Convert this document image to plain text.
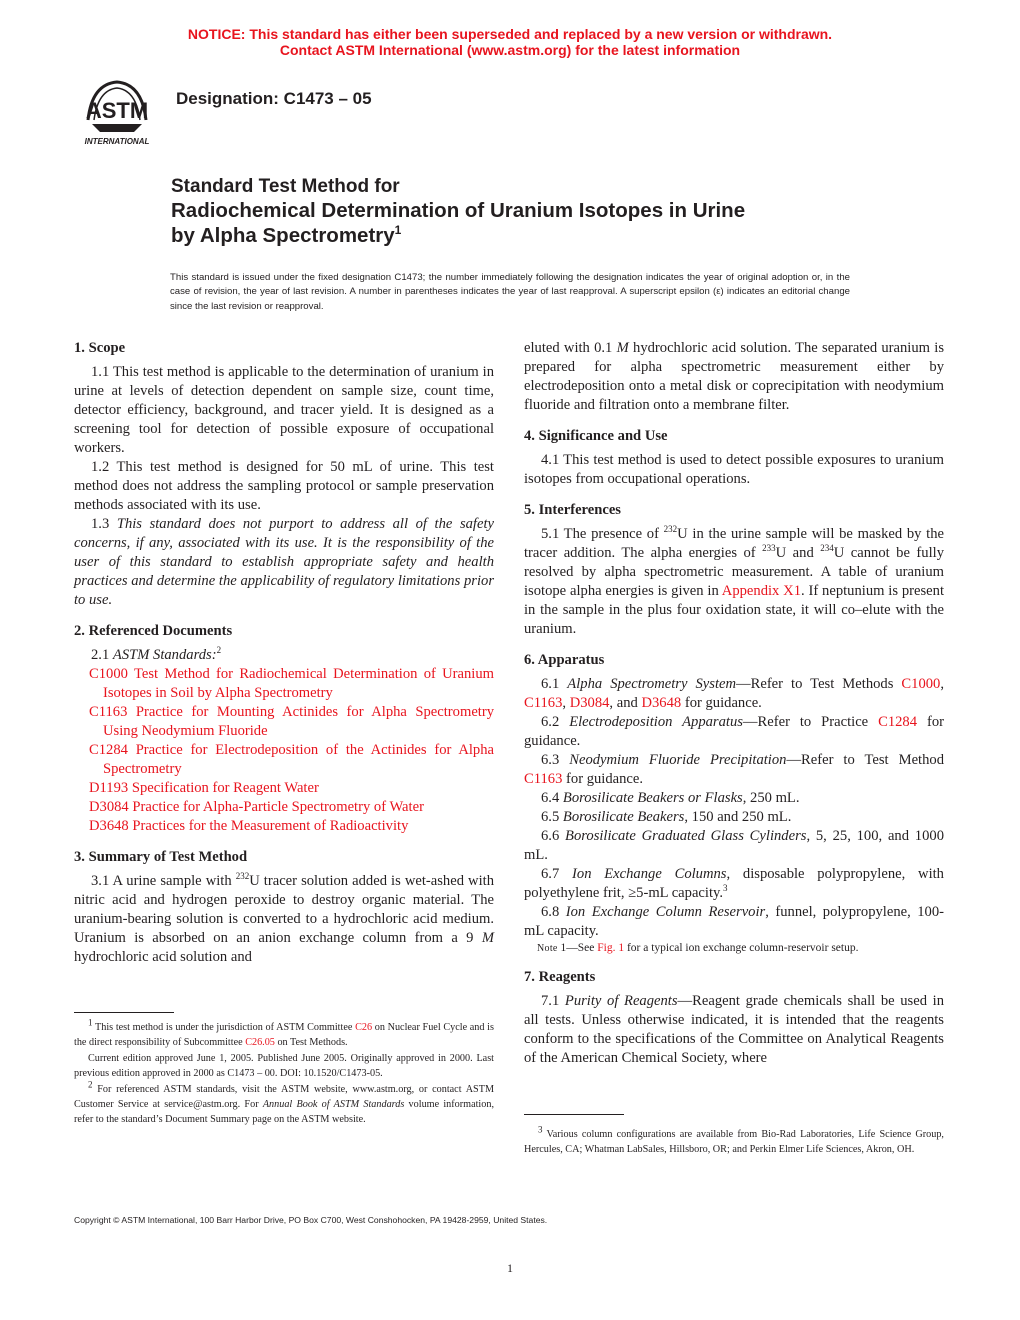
NOTICE: This standard has either been superseded and replaced by a new version or withdrawn.
Contact ASTM International (www.astm.org) for the latest information
ASTM
INTERNATIONAL
Designation: C1473 – 05
Standard Test Method for
Radiochemical Determination of Uranium Isotopes in Urine
by Alpha Spectrometry$^1$
This standard is issued under the fixed designation C1473; the number immediately following the designation indicates the year of original adoption or, in the case of revision, the year of last revision. A number in parentheses indicates the year of last reapproval. A superscript epsilon (ε) indicates an editorial change since the last revision or reapproval.
1. Scope

1.1 This test method is applicable to the determination of uranium in urine at levels of detection dependent on sample size, count time, detector efficiency, background, and tracer yield. It is designed as a screening tool for detection of possible exposure of occupational workers.

1.2 This test method is designed for 50 mL of urine. This test method does not address the sampling protocol or sample preservation methods associated with its use.

1.3 This standard does not purport to address all of the safety concerns, if any, associated with its use. It is the responsibility of the user of this standard to establish appropriate safety and health practices and determine the applicability of regulatory limitations prior to use.

2. Referenced Documents

2.1 ASTM Standards:$^2$

C1000 Test Method for Radiochemical Determination of Uranium Isotopes in Soil by Alpha Spectrometry

C1163 Practice for Mounting Actinides for Alpha Spectrometry Using Neodymium Fluoride

C1284 Practice for Electrodeposition of the Actinides for Alpha Spectrometry

D1193 Specification for Reagent Water

D3084 Practice for Alpha-Particle Spectrometry of Water

D3648 Practices for the Measurement of Radioactivity

3. Summary of Test Method

3.1 A urine sample with $^{232}$U tracer solution added is wet-ashed with nitric acid and hydrogen peroxide to destroy organic material. The uranium-bearing solution is converted to a hydrochloric acid medium. Uranium is absorbed on an anion exchange column from a 9 M hydrochloric acid solution and

$^1$ This test method is under the jurisdiction of ASTM Committee C26 on Nuclear Fuel Cycle and is the direct responsibility of Subcommittee C26.05 on Test Methods.

Current edition approved June 1, 2005. Published June 2005. Originally approved in 2000. Last previous edition approved in 2000 as C1473 – 00. DOI: 10.1520/C1473-05.

$^2$ For referenced ASTM standards, visit the ASTM website, www.astm.org, or contact ASTM Customer Service at service@astm.org. For Annual Book of ASTM Standards volume information, refer to the standard’s Document Summary page on the ASTM website.

eluted with 0.1 M hydrochloric acid solution. The separated uranium is prepared for alpha spectrometric measurement either by electrodeposition onto a metal disk or coprecipitation with neodymium fluoride and filtration onto a membrane filter.

4. Significance and Use

4.1 This test method is used to detect possible exposures to uranium isotopes from occupational operations.

5. Interferences

5.1 The presence of $^{232}$U in the urine sample will be masked by the tracer addition. The alpha energies of $^{233}$U and $^{234}$U cannot be fully resolved by alpha spectrometric measurement. A table of uranium isotope alpha energies is given in Appendix X1. If neptunium is present in the sample in the plus four oxidation state, it will co–elute with the uranium.

6. Apparatus

6.1 Alpha Spectrometry System—Refer to Test Methods C1000, C1163, D3084, and D3648 for guidance.

6.2 Electrodeposition Apparatus—Refer to Practice C1284 for guidance.

6.3 Neodymium Fluoride Precipitation—Refer to Test Method C1163 for guidance.

6.4 Borosilicate Beakers or Flasks, 250 mL.

6.5 Borosilicate Beakers, 150 and 250 mL.

6.6 Borosilicate Graduated Glass Cylinders, 5, 25, 100, and 1000 mL.

6.7 Ion Exchange Columns, disposable polypropylene, with polyethylene frit, ≥5-mL capacity.$^3$

6.8 Ion Exchange Column Reservoir, funnel, polypropylene, 100-mL capacity.

Note 1—See Fig. 1 for a typical ion exchange column-reservoir setup.

7. Reagents

7.1 Purity of Reagents—Reagent grade chemicals shall be used in all tests. Unless otherwise indicated, it is intended that the reagents conform to the specifications of the Committee on Analytical Reagents of the American Chemical Society, where

$^3$ Various column configurations are available from Bio-Rad Laboratories, Life Science Group, Hercules, CA; Whatman LabSales, Hillsboro, OR; and Perkin Elmer Life Sciences, Akron, OH.

Copyright © ASTM International, 100 Barr Harbor Drive, PO Box C700, West Conshohocken, PA 19428-2959, United States.
1
